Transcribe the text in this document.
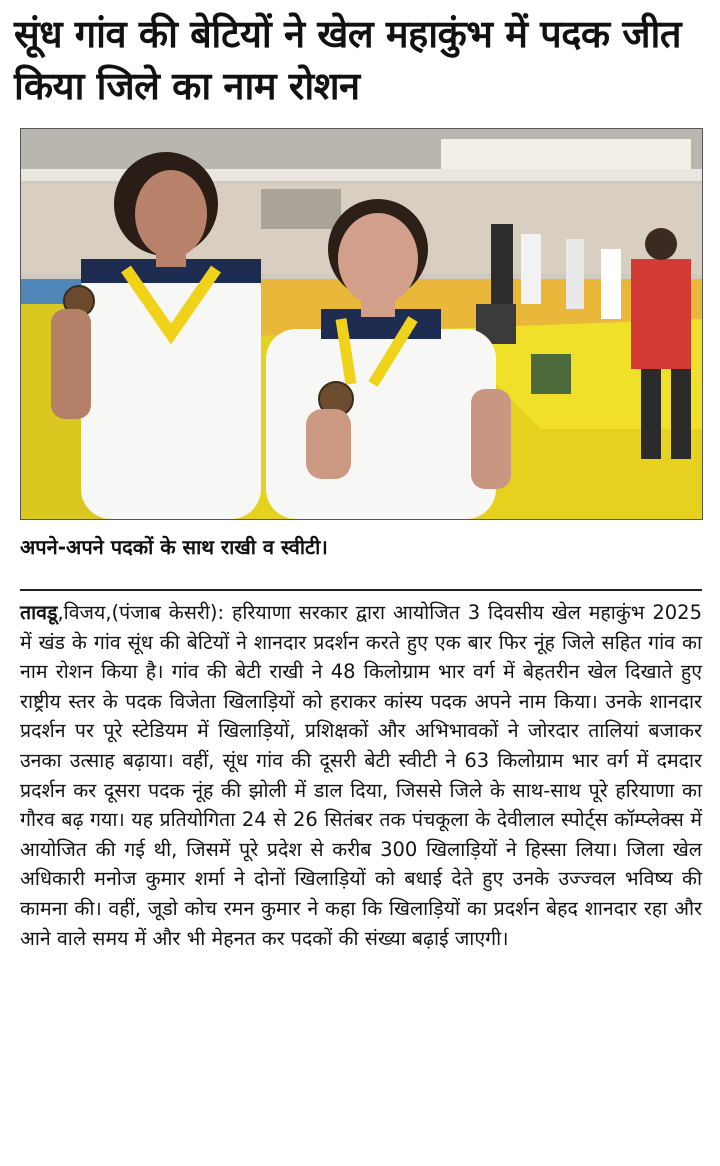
सूंध गांव की बेटियों ने खेल महाकुंभ में पदक जीत किया जिले का नाम रोशन

अपने-अपने पदकों के साथ राखी व स्वीटी।

तावडू,विजय,(पंजाब केसरी): हरियाणा सरकार द्वारा आयोजित 3 दिवसीय खेल महाकुंभ 2025 में खंड के गांव सूंध की बेटियों ने शानदार प्रदर्शन करते हुए एक बार फिर नूंह जिले सहित गांव का नाम रोशन किया है। गांव की बेटी राखी ने 48 किलोग्राम भार वर्ग में बेहतरीन खेल दिखाते हुए राष्ट्रीय स्तर के पदक विजेता खिलाड़ियों को हराकर कांस्य पदक अपने नाम किया। उनके शानदार प्रदर्शन पर पूरे स्टेडियम में खिलाड़ियों, प्रशिक्षकों और अभिभावकों ने जोरदार तालियां बजाकर उनका उत्साह बढ़ाया। वहीं, सूंध गांव की दूसरी बेटी स्वीटी ने 63 किलोग्राम भार वर्ग में दमदार प्रदर्शन कर दूसरा पदक नूंह की झोली में डाल दिया, जिससे जिले के साथ-साथ पूरे हरियाणा का गौरव बढ़ गया। यह प्रतियोगिता 24 से 26 सितंबर तक पंचकूला के देवीलाल स्पोर्ट्स कॉम्प्लेक्स में आयोजित की गई थी, जिसमें पूरे प्रदेश से करीब 300 खिलाड़ियों ने हिस्सा लिया। जिला खेल अधिकारी मनोज कुमार शर्मा ने दोनों खिलाड़ियों को बधाई देते हुए उनके उज्ज्वल भविष्य की कामना की। वहीं, जूडो कोच रमन कुमार ने कहा कि खिलाड़ियों का प्रदर्शन बेहद शानदार रहा और आने वाले समय में और भी मेहनत कर पदकों की संख्या बढ़ाई जाएगी।
